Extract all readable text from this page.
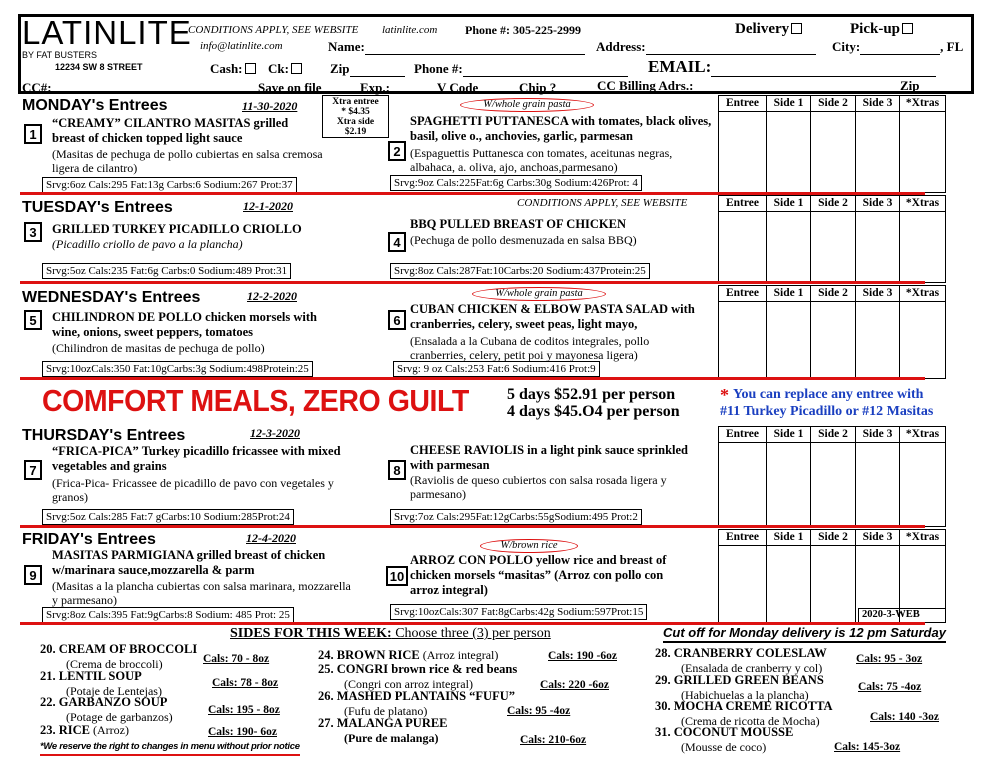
LATINLITE
BY FAT BUSTERS
12234 SW 8 STREET
CONDITIONS APPLY, SEE WEBSITE latinlite.com Phone #: 305-225-2999
info@latinlite.com
Delivery	Pick-up
Name:	Address:	City:	, FL
Cash:	Ck:	Zip	Phone #:	EMAIL:
CC#:	Save on file	Exp.:	V Code	Chip ?	CC Billing Adrs.:	Zip
MONDAY's Entrees	11-30-2020	Xtra entree
* $4.35
Xtra side
$2.19
1
“CREAMY” CILANTRO MASITAS grilled breast of chicken topped light sauce
(Masitas de pechuga de pollo cubiertas en salsa cremosa ligera de cilantro)
Srvg:6oz Cals:295 Fat:13g Carbs:6 Sodium:267 Prot:37
W/whole grain pasta
2
SPAGHETTI PUTTANESCA with tomates, black olives, basil, olive o., anchovies, garlic, parmesan
(Espaguettis Puttanesca con tomates, aceitunas negras, albahaca, a. oliva, ajo, anchoas,parmesano)
Srvg:9oz Cals:225Fat:6g Carbs:30g Sodium:426Prot: 4
Entree	Side 1	Side 2	Side 3	*Xtras
TUESDAY's Entrees	12-1-2020	CONDITIONS APPLY, SEE WEBSITE
3	GRILLED TURKEY PICADILLO CRIOLLO
(Picadillo criollo de pavo a la plancha)
Srvg:5oz Cals:235 Fat:6g Carbs:0 Sodium:489 Prot:31
4
BBQ PULLED BREAST OF CHICKEN
(Pechuga de pollo desmenuzada en salsa BBQ)
Srvg:8oz Cals:287Fat:10Carbs:20 Sodium:437Protein:25
Entree	Side 1	Side 2	Side 3	*Xtras
WEDNESDAY's Entrees	12-2-2020
5	CHILINDRON DE POLLO chicken morsels with wine, onions, sweet peppers, tomatoes
(Chilindron de masitas de pechuga de pollo)
Srvg:10ozCals:350 Fat:10gCarbs:3g Sodium:498Protein:25
W/whole grain pasta
6
CUBAN CHICKEN & ELBOW PASTA SALAD with cranberries, celery, sweet peas, light mayo,
(Ensalada a la Cubana de coditos integrales, pollo cranberries, celery, petit poi y mayonesa ligera)
Srvg: 9 oz Cals:253 Fat:6 Sodium:416 Prot:9
Entree	Side 1	Side 2	Side 3	*Xtras
COMFORT MEALS, ZERO GUILT 5 days $52.91 per person
4 days $45.O4 per person
* You can replace any entree with
#11 Turkey Picadillo or #12 Masitas
THURSDAY's Entrees	12-3-2020
7
“FRICA-PICA” Turkey picadillo fricassee with mixed vegetables and grains
(Frica-Pica- Fricassee de picadillo de pavo con vegetales y granos)
Srvg:5oz Cals:285 Fat:7 gCarbs:10 Sodium:285Prot:24
8
CHEESE RAVIOLIS in a light pink sauce sprinkled with parmesan
(Raviolis de queso cubiertos con salsa rosada ligera y parmesano)
Srvg:7oz Cals:295Fat:12gCarbs:55gSodium:495 Prot:2
Entree	Side 1	Side 2	Side 3	*Xtras
FRIDAY's Entrees	12-4-2020
9
MASITAS PARMIGIANA grilled breast of chicken w/marinara sauce,mozzarella & parm
(Masitas a la plancha cubiertas con salsa marinara, mozzarella y parmesano)
Srvg:8oz Cals:395 Fat:9gCarbs:8 Sodium: 485 Prot: 25
W/brown rice
10
ARROZ CON POLLO yellow rice and breast of chicken morsels “masitas” (Arroz con pollo con arroz integral)
Srvg:10ozCals:307 Fat:8gCarbs:42g Sodium:597Prot:15
Entree	Side 1	Side 2	Side 3	*Xtras
2020-3-WEB
SIDES FOR THIS WEEK: Choose three (3) per person	Cut off for Monday delivery is 12 pm Saturday
20. CREAM OF BROCCOLI
(Crema de broccoli)	Cals: 70 - 8oz
21. LENTIL SOUP
(Potaje de Lentejas)
Cals: 78 - 8oz
22. GARBANZO SOUP
(Potage de garbanzos)	Cals: 195 - 8oz
23. RICE (Arroz)	Cals: 190- 6oz
*We reserve the right to changes in menu without prior notice
24. BROWN RICE (Arroz integral)	Cals: 190 -6oz
25. CONGRI brown rice & red beans
(Congri con arroz integral)	Cals: 220 -6oz
26. MASHED PLANTAINS “FUFU”
(Fufu de platano)	Cals: 95 -4oz
27. MALANGA PUREE
(Pure de malanga)	Cals: 210-6oz
28. CRANBERRY COLESLAW
(Ensalada de cranberry y col)
Cals: 95 - 3oz
29. GRILLED GREEN BEANS
(Habichuelas a la plancha)
Cals: 75 -4oz
30. MOCHA CREME RICOTTA
(Crema de ricotta de Mocha)	Cals: 140 -3oz
31. COCONUT MOUSSE
(Mousse de coco)	Cals: 145-3oz
